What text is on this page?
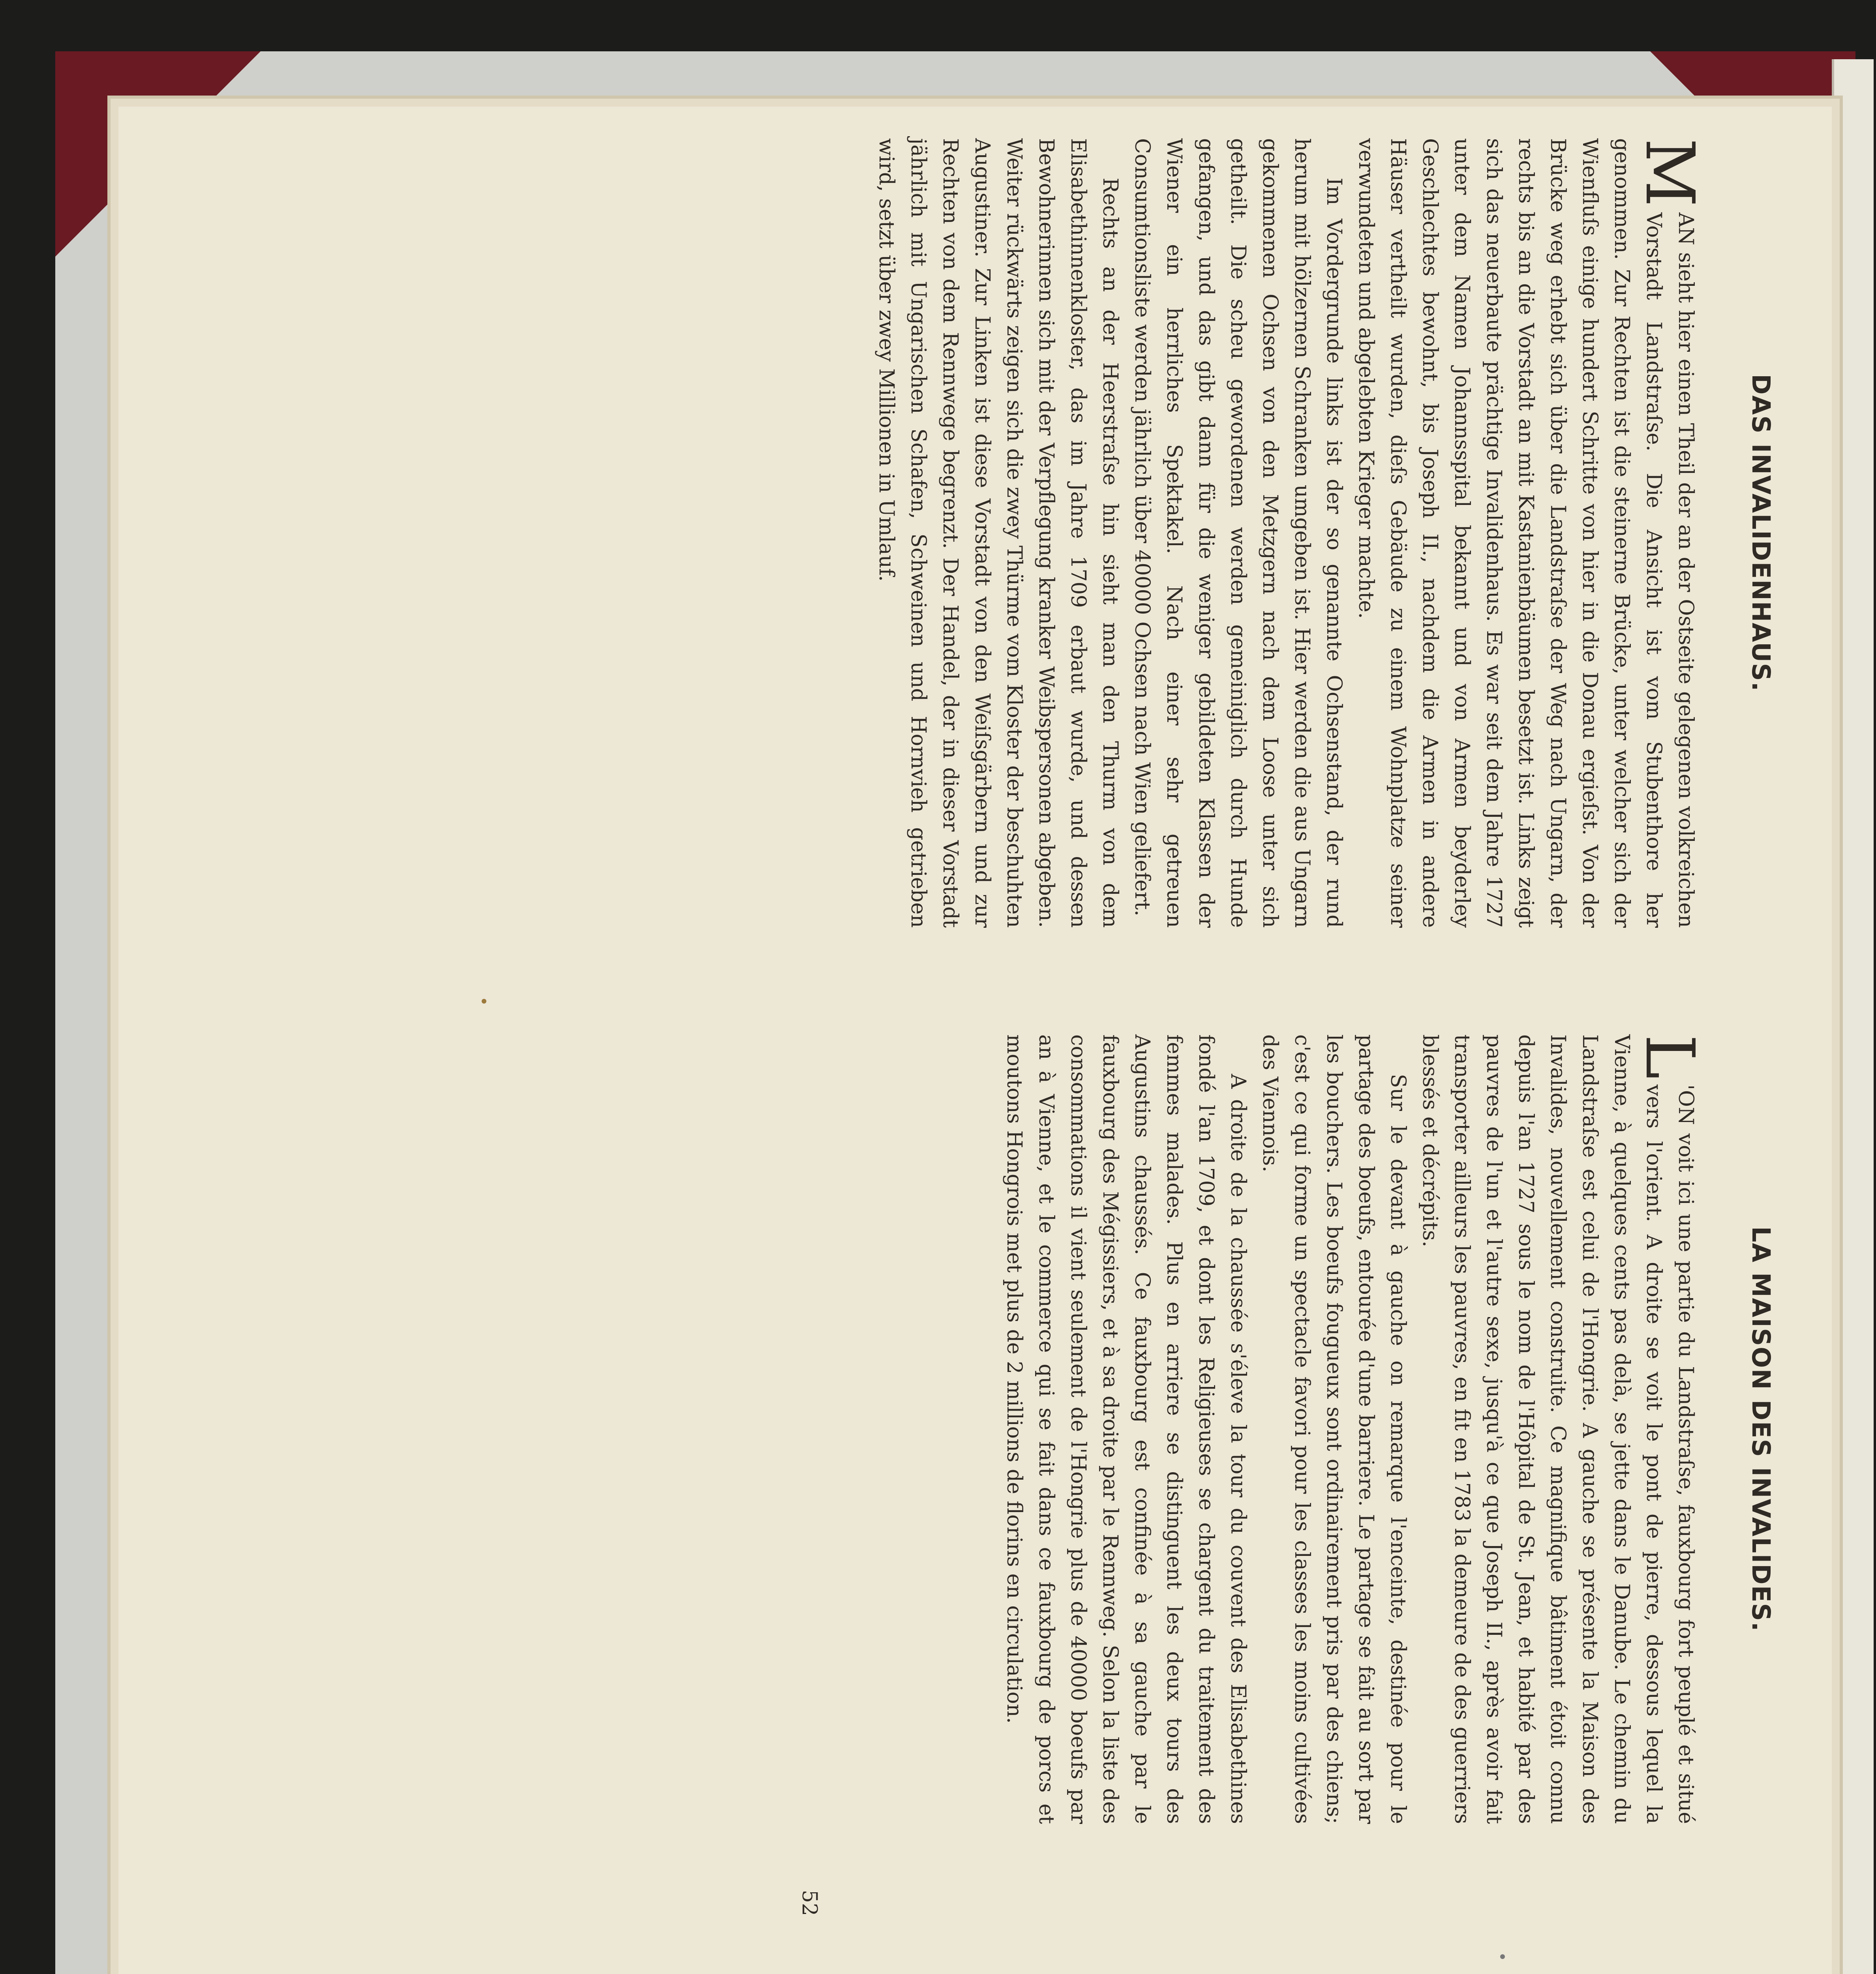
DAS INVALIDENHAUS.

M
AN sieht hier einen Theil der an der Ostseite gelegenen volkreichen Vorstadt Landstraſse. Die Ansicht ist vom Stubenthore her genommen. Zur Rechten ist die steinerne Brücke, unter welcher sich der Wienfluſs einige hundert Schritte von hier in die Donau ergieſst. Von der Brücke weg erhebt sich über die Landstraſse der Weg nach Ungarn, der rechts bis an die Vorstadt an mit Kastanienbäumen besetzt ist. Links zeigt sich das neuerbaute prächtige Invalidenhaus. Es war seit dem Jahre 1727 unter dem Namen Johannsspital bekannt und von Armen beyderley Geschlechtes bewohnt, bis Joseph II., nachdem die Armen in andere Häuser vertheilt wurden, dieſs Gebäude zu einem Wohnplatze seiner verwundeten und abgelebten Krieger machte.

Im Vordergrunde links ist der so genannte Ochsenstand, der rund herum mit hölzernen Schranken umgeben ist. Hier werden die aus Ungarn gekommenen Ochsen von den Metzgern nach dem Loose unter sich getheilt. Die scheu gewordenen werden gemeiniglich durch Hunde gefangen, und das gibt dann für die weniger gebildeten Klassen der Wiener ein herrliches Spektakel. Nach einer sehr getreuen Consumtionsliste werden jährlich über 40000 Ochsen nach Wien geliefert.

Rechts an der Heerstraſse hin sieht man den Thurm von dem Elisabethinnenkloster, das im Jahre 1709 erbaut wurde, und dessen Bewohnerinnen sich mit der Verpflegung kranker Weibspersonen abgeben. Weiter rückwärts zeigen sich die zwey Thürme vom Kloster der beschuhten Augustiner. Zur Linken ist diese Vorstadt von den Weiſsgärbern und zur Rechten von dem Rennwege begrenzt. Der Handel, der in dieser Vorstadt jährlich mit Ungarischen Schafen, Schweinen und Hornvieh getrieben wird, setzt über zwey Millionen in Umlauf.

LA MAISON DES INVALIDES.

L
'ON voit ici une partie du Landstraſse, fauxbourg fort peuplé et situé vers l'orient. A droite se voit le pont de pierre, dessous lequel la Vienne, à quelques cents pas delà, se jette dans le Danube. Le chemin du Landstraſse est celui de l'Hongrie. A gauche se présente la Maison des Invalides, nouvellement construite. Ce magnifique bâtiment étoit connu depuis l'an 1727 sous le nom de l'Hôpital de St. Jean, et habité par des pauvres de l'un et l'autre sexe, jusqu'à ce que Joseph II., après avoir fait transporter ailleurs les pauvres, en fit en 1783 la demeure de des guerriers blessés et décrépits.

Sur le devant à gauche on remarque l'enceinte, destinée pour le partage des boeufs, entourée d'une barriere. Le partage se fait au sort par les bouchers. Les boeufs fougueux sont ordinairement pris par des chiens; c'est ce qui forme un spectacle favori pour les classes les moins cultivées des Viennois.

A droite de la chaussée s'éleve la tour du couvent des Elisabethines fondé l'an 1709, et dont les Religieuses se chargent du traitement des femmes malades. Plus en arriere se distinguent les deux tours des Augustins chaussés. Ce fauxbourg est confinée à sa gauche par le fauxbourg des Mégissiers, et à sa droite par le Rennweg. Selon la liste des consommations il vient seulement de l'Hongrie plus de 40000 boeufs par an à Vienne, et le commerce qui se fait dans ce fauxbourg de porcs et moutons Hongrois met plus de 2 millions de florins en circulation.

52
